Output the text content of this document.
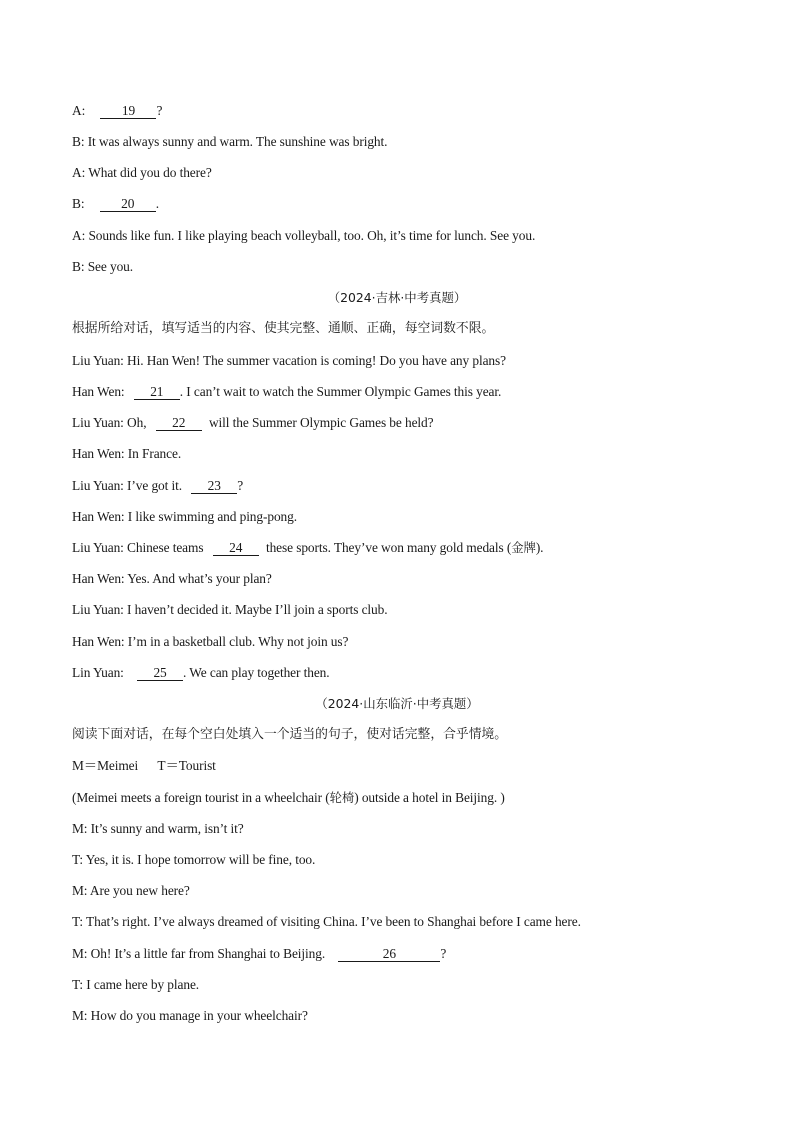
A:	19 ?
B: It was always sunny and warm. The sunshine was bright.
A: What did you do there?
B:	20 .
A: Sounds like fun. I like playing beach volleyball, too. Oh, it’s time for lunch. See you.
B: See you.
（2024·吉林·中考真题）
根据所给对话，填写适当的内容、使其完整、通顺、正确，每空词数不限。
Liu Yuan: Hi. Han Wen! The summer vacation is coming! Do you have any plans?
Han Wen: 21 . I can’t wait to watch the Summer Olympic Games this year.
Liu Yuan: Oh, 22 will the Summer Olympic Games be held?
Han Wen: In France.
Liu Yuan: I’ve got it. 23 ?
Han Wen: I like swimming and ping-pong.
Liu Yuan: Chinese teams 24 these sports. They’ve won many gold medals (金牌).
Han Wen: Yes. And what’s your plan?
Liu Yuan: I haven’t decided it. Maybe I’ll join a sports club.
Han Wen: I’m in a basketball club. Why not join us?
Lin Yuan: 25 . We can play together then.
（2024·山东临沂·中考真题）
阅读下面对话，在每个空白处填入一个适当的句子，使对话完整，合乎情境。
M＝Meimei      T＝Tourist
(Meimei meets a foreign tourist in a wheelchair (轮椅) outside a hotel in Beijing. )
M: It’s sunny and warm, isn’t it?
T: Yes, it is. I hope tomorrow will be fine, too.
M: Are you new here?
T: That’s right. I’ve always dreamed of visiting China. I’ve been to Shanghai before I came here.
M: Oh! It’s a little far from Shanghai to Beijing.	26	?
T: I came here by plane.
M: How do you manage in your wheelchair?
